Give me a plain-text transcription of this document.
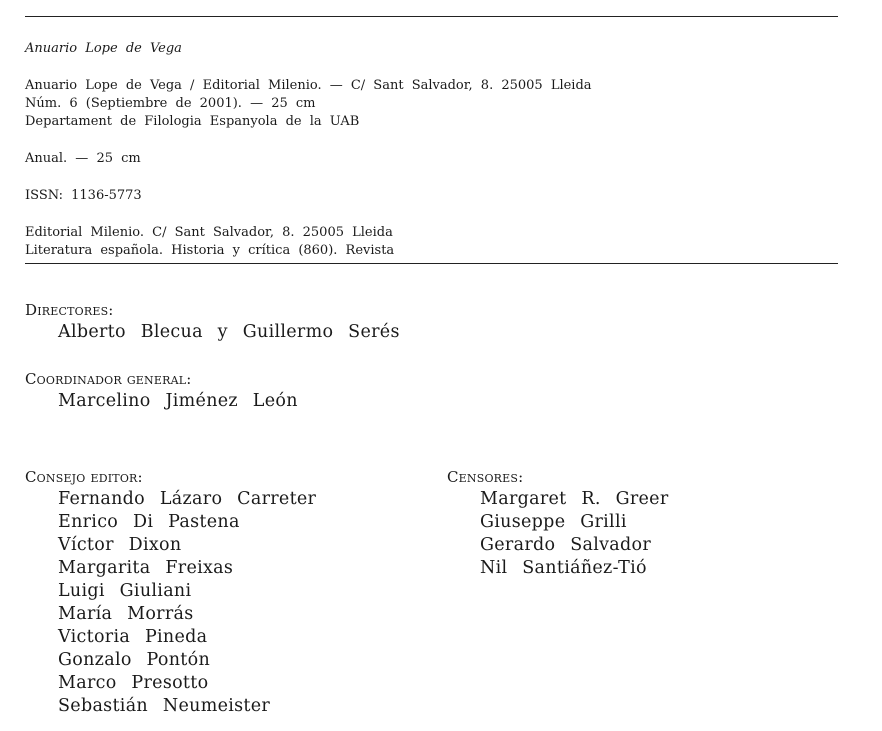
Anuario Lope de Vega
Anuario Lope de Vega / Editorial Milenio. — C/ Sant Salvador, 8. 25005 Lleida
Núm. 6 (Septiembre de 2001). — 25 cm
Departament de Filologia Espanyola de la UAB
Anual. — 25 cm
ISSN: 1136-5773
Editorial Milenio. C/ Sant Salvador, 8. 25005 Lleida
Literatura española. Historia y crítica (860). Revista
Directores:
Alberto Blecua y Guillermo Serés
Coordinador general:
Marcelino Jiménez León
Consejo editor:
Fernando Lázaro Carreter
Enrico Di Pastena
Víctor Dixon
Margarita Freixas
Luigi Giuliani
María Morrás
Victoria Pineda
Gonzalo Pontón
Marco Presotto
Sebastián Neumeister
Censores:
Margaret R. Greer
Giuseppe Grilli
Gerardo Salvador
Nil Santiáñez-Tió
